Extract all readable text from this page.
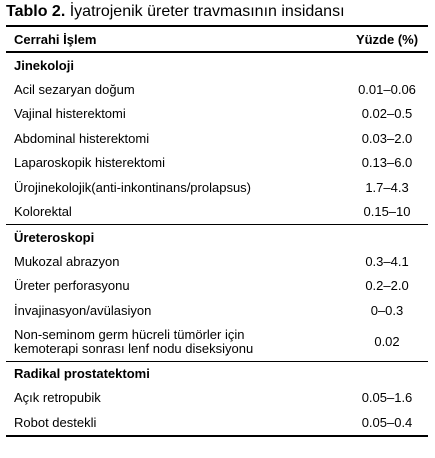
Tablo 2. İyatrojenik üreter travmasının insidansı
Cerrahi İşlem	Yüzde (%)
Jinekoloji
Acil sezaryan doğum	0.01–0.06
Vajinal histerektomi	0.02–0.5
Abdominal histerektomi	0.03–2.0
Laparoskopik histerektomi	0.13–6.0
Ürojinekolojik(anti-inkontinans/prolapsus)	1.7–4.3
Kolorektal	0.15–10
Üreteroskopi
Mukozal abrazyon	0.3–4.1
Üreter perforasyonu	0.2–2.0
İnvajinasyon/avülasiyon	0–0.3
Non-seminom germ hücreli tümörler için
kemoterapi sonrası lenf nodu diseksiyonu	0.02
Radikal prostatektomi
Açık retropubik	0.05–1.6
Robot destekli	0.05–0.4
